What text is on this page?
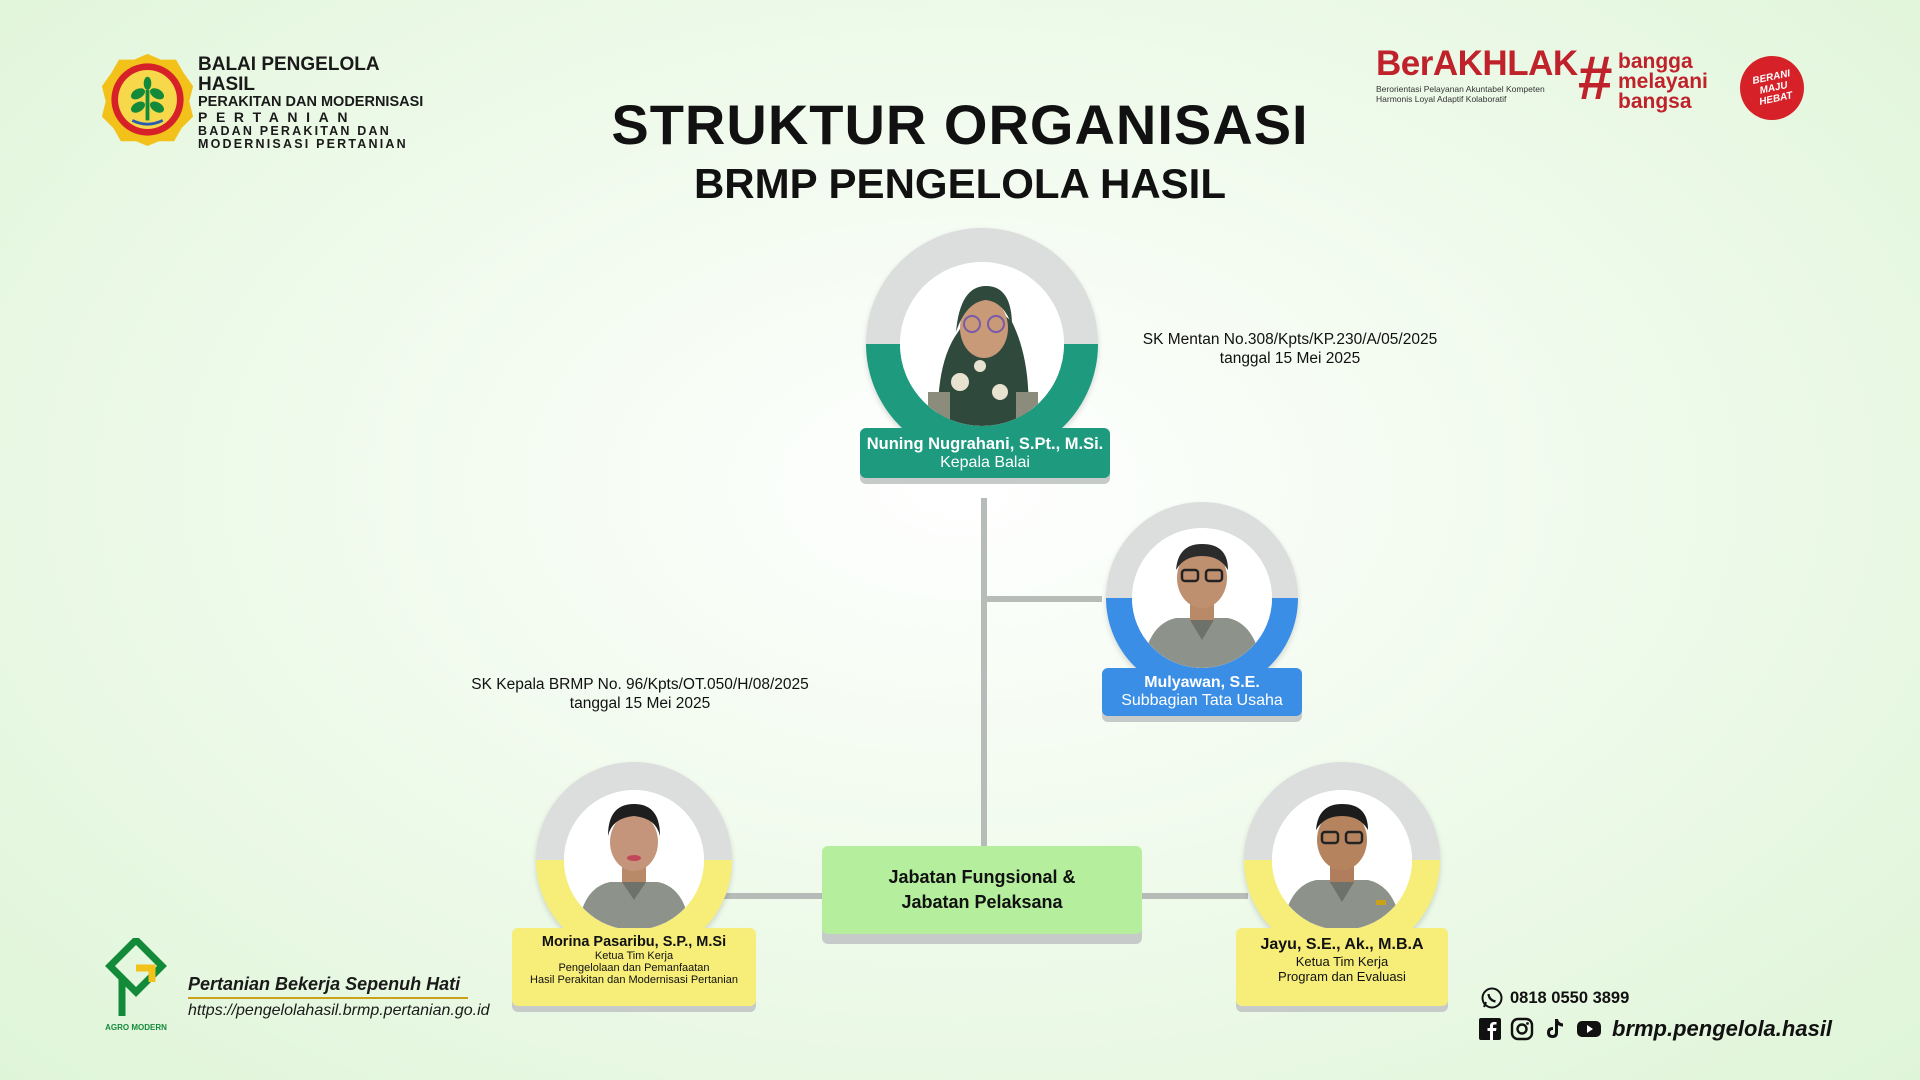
BALAI PENGELOLA HASIL
PERAKITAN DAN MODERNISASI
PERTANIAN
BADAN PERAKITAN DAN
MODERNISASI PERTANIAN	STRUKTUR ORGANISASI
BRMP PENGELOLA HASIL
BerAKHLAK
Berorientasi Pelayanan Akuntabel Kompeten
Harmonis Loyal Adaptif Kolaboratif	# bangga
melayani
bangsa
BERANI MAJU HEBAT
Nuning Nugrahani, S.Pt., M.Si.
Kepala Balai
SK Mentan No.308/Kpts/KP.230/A/05/2025
tanggal 15 Mei 2025
Mulyawan, S.E.
Subbagian Tata Usaha
SK Kepala BRMP No. 96/Kpts/OT.050/H/08/2025
tanggal 15 Mei 2025
Morina Pasaribu, S.P., M.Si
Ketua Tim Kerja
Pengelolaan dan Pemanfaatan
Hasil Perakitan dan Modernisasi Pertanian
Jabatan Fungsional &
Jabatan Pelaksana
Jayu, S.E., Ak., M.B.A
Ketua Tim Kerja
Program dan Evaluasi
AGRO MODERN
Pertanian Bekerja Sepenuh Hati
https://pengelolahasil.brmp.pertanian.go.id
0818 0550 3899
brmp.pengelola.hasil
